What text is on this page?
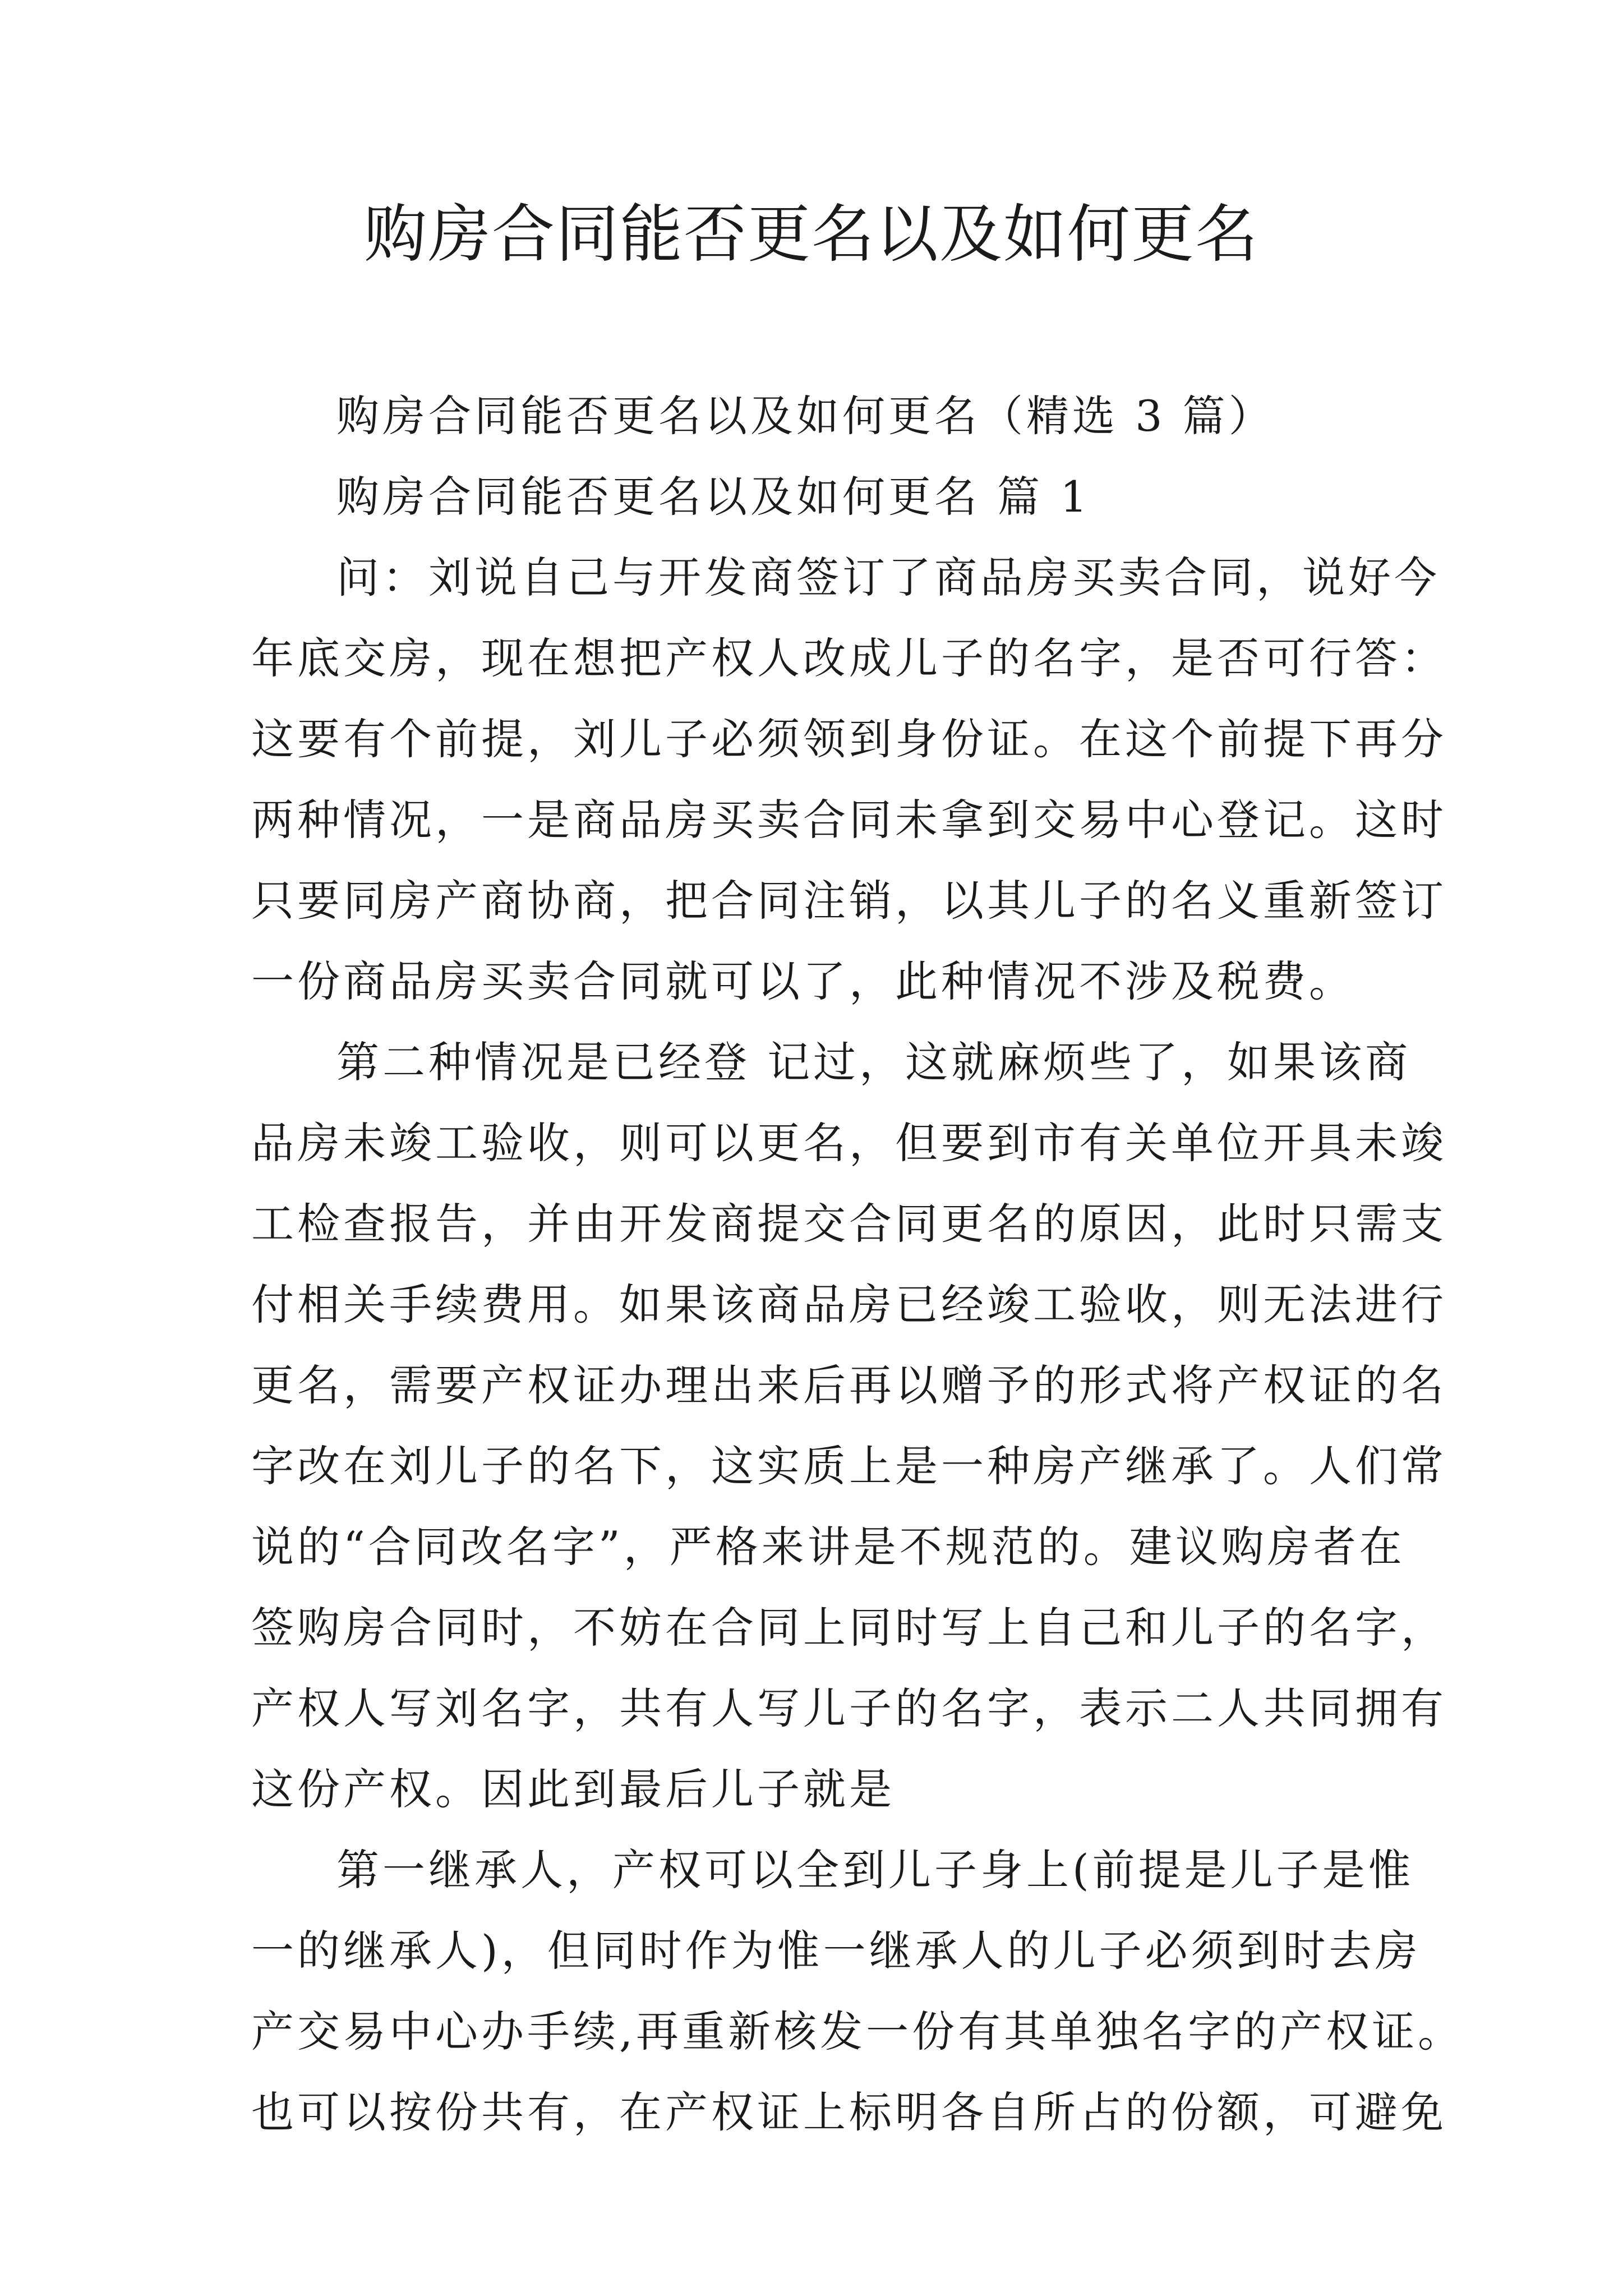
购房合同能否更名以及如何更名
购房合同能否更名以及如何更名（精选 3 篇）
购房合同能否更名以及如何更名 篇 1
问：刘说自己与开发商签订了商品房买卖合同，说好今
年底交房，现在想把产权人改成儿子的名字，是否可行答：
这要有个前提，刘儿子必须领到身份证。在这个前提下再分
两种情况，一是商品房买卖合同未拿到交易中心登记。这时
只要同房产商协商，把合同注销，以其儿子的名义重新签订
一份商品房买卖合同就可以了，此种情况不涉及税费。
第二种情况是已经登 记过，这就麻烦些了，如果该商
品房未竣工验收，则可以更名，但要到市有关单位开具未竣
工检查报告，并由开发商提交合同更名的原因，此时只需支
付相关手续费用。如果该商品房已经竣工验收，则无法进行
更名，需要产权证办理出来后再以赠予的形式将产权证的名
字改在刘儿子的名下，这实质上是一种房产继承了。人们常
说的“合同改名字”，严格来讲是不规范的。建议购房者在
签购房合同时，不妨在合同上同时写上自己和儿子的名字，
产权人写刘名字，共有人写儿子的名字，表示二人共同拥有
这份产权。因此到最后儿子就是
第一继承人，产权可以全到儿子身上(前提是儿子是惟
一的继承人)，但同时作为惟一继承人的儿子必须到时去房
产交易中心办手续,再重新核发一份有其单独名字的产权证。
也可以按份共有，在产权证上标明各自所占的份额，可避免
